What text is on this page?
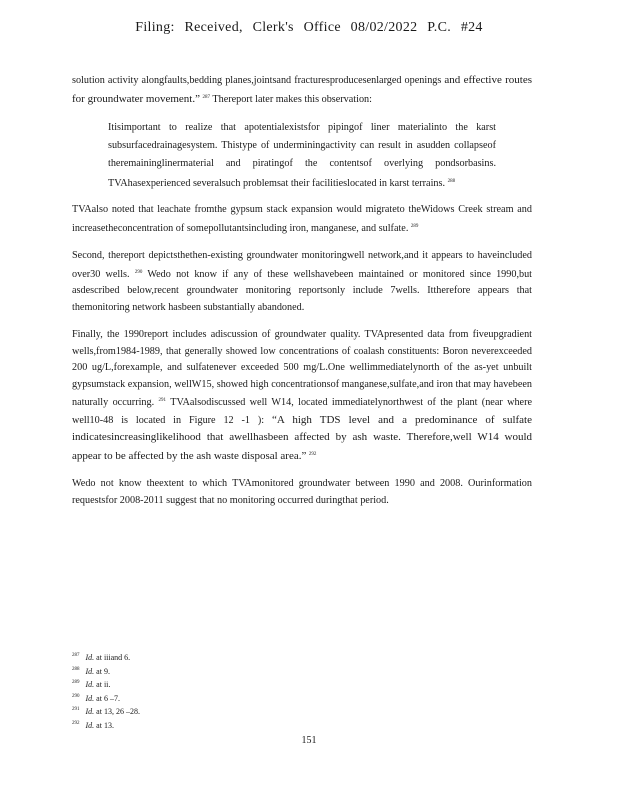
Filing: Received, Clerk's Office 08/02/2022 P.C. #24

solution activity alongfaults,bedding planes,jointsand fracturesproducesenlarged openings and effective routes for groundwater movement.” $^{287}$ Thereport later makes this observation:

Itisimportant to realize that apotentialexistsfor pipingof liner materialinto the karst subsurfacedrainagesystem. Thistype of underminingactivity can result in asudden collapseof theremaininglinermaterial and piratingof the contentsof overlying pondsorbasins. TVAhasexperienced severalsuch problemsat their facilitieslocated in karst terrains. $^{288}$

TVAalso noted that leachate fromthe gypsum stack expansion would migrateto theWidows Creek stream and increasetheconcentration of somepollutantsincluding iron, manganese, and sulfate. $^{289}$

Second, thereport depictsthethen-existing groundwater monitoringwell network,and it appears to haveincluded over30 wells. $^{290}$ Wedo not know if any of these wellshavebeen maintained or monitored since 1990,but asdescribed below,recent groundwater monitoring reportsonly include 7wells. Ittherefore appears that themonitoring network hasbeen substantially abandoned.

Finally, the 1990report includes adiscussion of groundwater quality. TVApresented data from fiveupgradient wells,from1984-1989, that generally showed low concentrations of coalash constituents: Boron neverexceeded 200 ug/L,forexample, and sulfatenever exceeded 500 mg/L.One wellimmediatelynorth of the as-yet unbuilt gypsumstack expansion, wellW15, showed high concentrationsof manganese,sulfate,and iron that may havebeen naturally occurring. $^{291}$ TVAalsodiscussed well W14, located immediatelynorthwest of the plant (near where well10-48 is located in Figure 12 -1 ): “A high TDS level and a predominance of sulfate indicatesincreasinglikelihood that awellhasbeen affected by ash waste. Therefore,well W14 would appear to be affected by the ash waste disposal area.” $^{292}$

Wedo not know theextent to which TVAmonitored groundwater between 1990 and 2008. Ourinformation requestsfor 2008-2011 suggest that no monitoring occurred duringthat period.

$^{287}$ Id. at iiiand 6.
$^{288}$ Id. at 9.
$^{289}$ Id. at ii.
$^{290}$ Id. at 6 –7.
$^{291}$ Id. at 13, 26 –28.
$^{292}$ Id. at 13.
151
